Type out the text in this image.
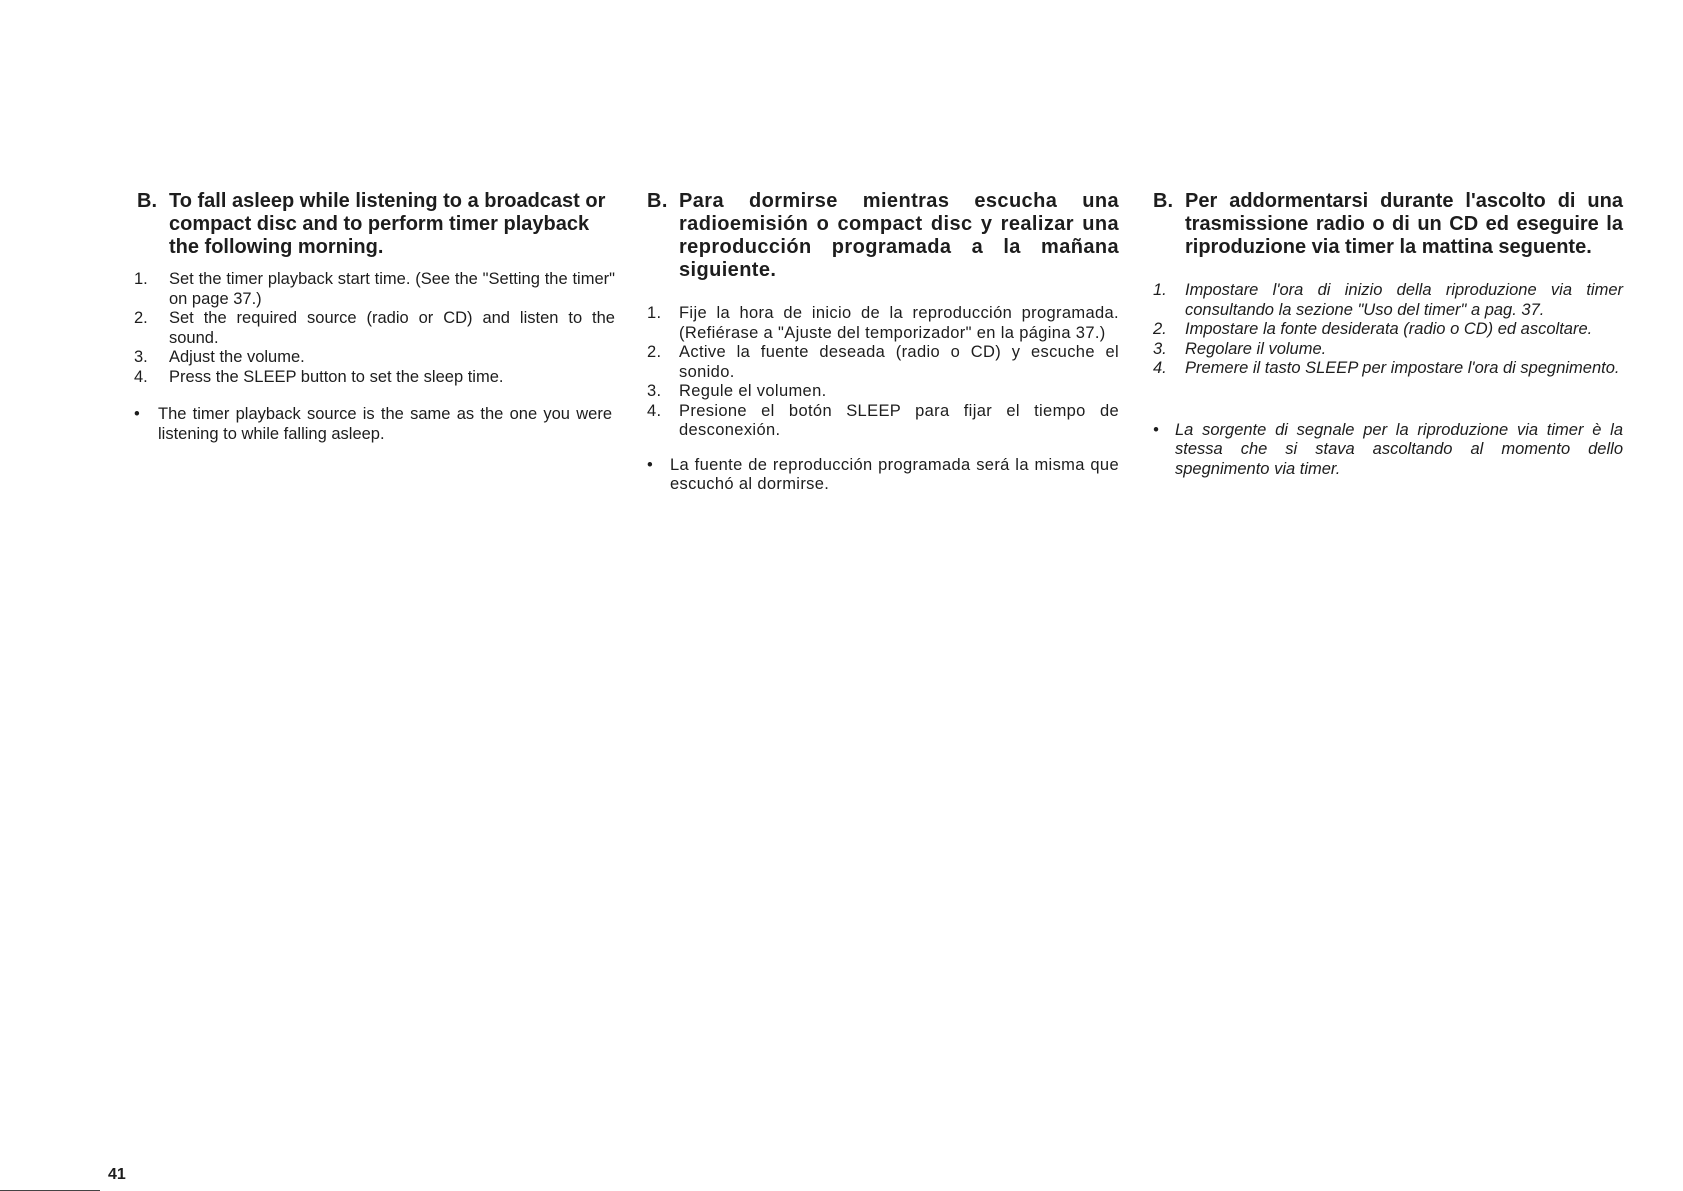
B. To fall asleep while listening to a broadcast or compact disc and to perform timer playback the following morning.
1. Set the timer playback start time. (See the "Setting the timer" on page 37.)
2. Set the required source (radio or CD) and listen to the sound.
3. Adjust the volume.
4. Press the SLEEP button to set the sleep time.
• The timer playback source is the same as the one you were listening to while falling asleep.
B. Para dormirse mientras escucha una radioemisión o compact disc y realizar una reproducción programada a la mañana siguiente.
1. Fije la hora de inicio de la reproducción programada. (Refiérase a "Ajuste del temporizador" en la página 37.)
2. Active la fuente deseada (radio o CD) y escuche el sonido.
3. Regule el volumen.
4. Presione el botón SLEEP para fijar el tiempo de desconexión.
• La fuente de reproducción programada será la misma que escuchó al dormirse.
B. Per addormentarsi durante l'ascolto di una trasmissione radio o di un CD ed eseguire la riproduzione via timer la mattina seguente.
1. Impostare l'ora di inizio della riproduzione via timer consultando la sezione "Uso del timer" a pag. 37.
2. Impostare la fonte desiderata (radio o CD) ed ascoltare.
3. Regolare il volume.
4. Premere il tasto SLEEP per impostare l'ora di spegnimento.
• La sorgente di segnale per la riproduzione via timer è la stessa che si stava ascoltando al momento dello spegnimento via timer.
41
